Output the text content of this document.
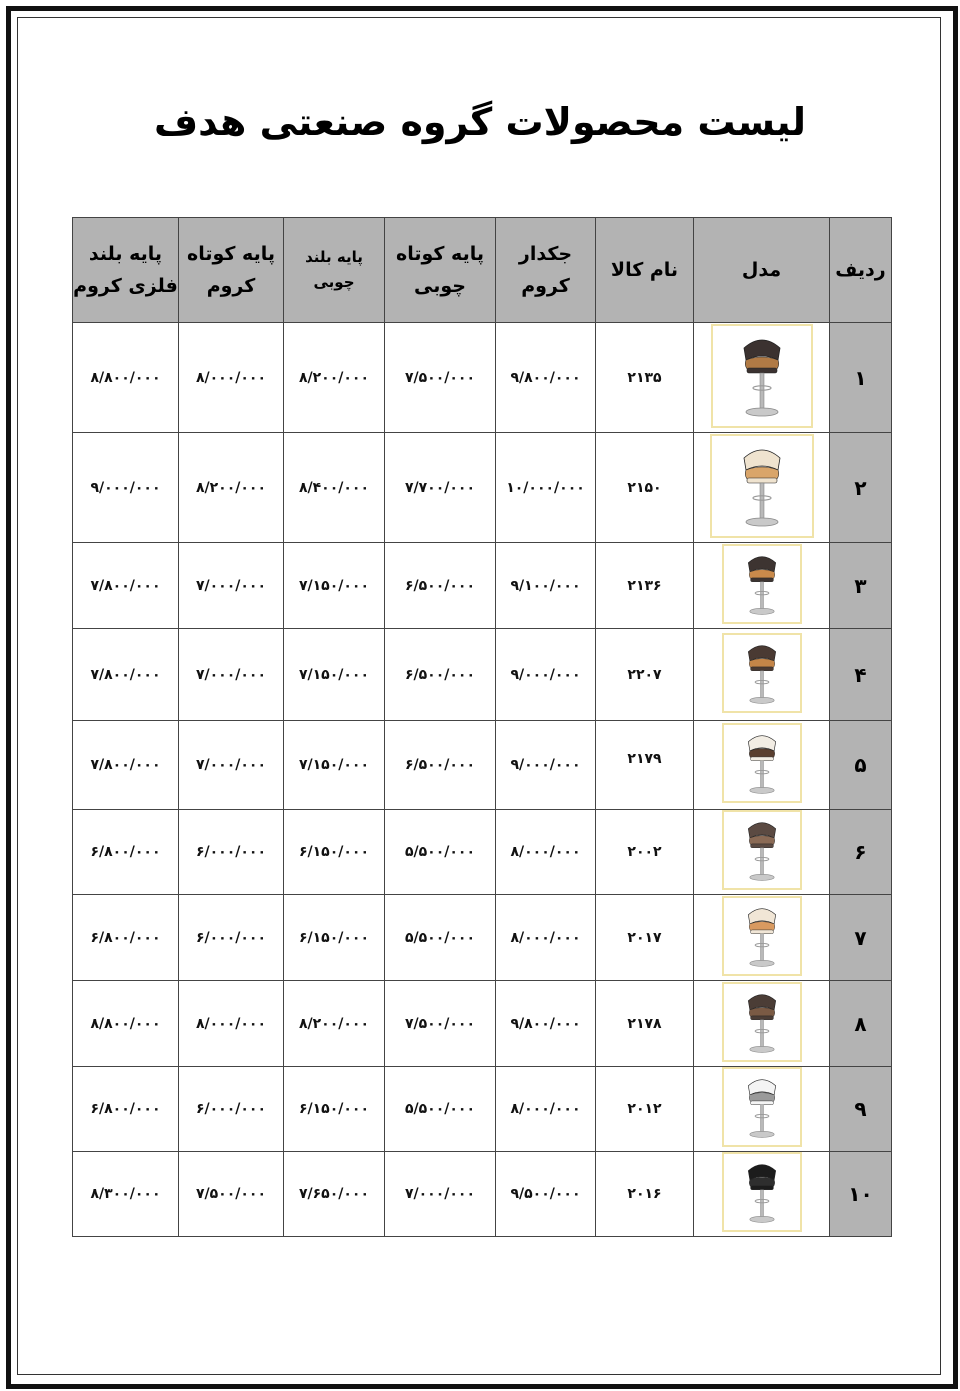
لیست محصولات گروه صنعتی هدف
ردیف	مدل	نام کالا	جکدار کروم	پایه کوتاه چوبی	پایه بلند چوبی	پایه کوتاه کروم	پایه بلند فلزی کروم
۱		۲۱۳۵	۹/۸۰۰/۰۰۰	۷/۵۰۰/۰۰۰	۸/۲۰۰/۰۰۰	۸/۰۰۰/۰۰۰	۸/۸۰۰/۰۰۰
۲		۲۱۵۰	۱۰/۰۰۰/۰۰۰	۷/۷۰۰/۰۰۰	۸/۴۰۰/۰۰۰	۸/۲۰۰/۰۰۰	۹/۰۰۰/۰۰۰
۳		۲۱۳۶	۹/۱۰۰/۰۰۰	۶/۵۰۰/۰۰۰	۷/۱۵۰/۰۰۰	۷/۰۰۰/۰۰۰	۷/۸۰۰/۰۰۰
۴		۲۲۰۷	۹/۰۰۰/۰۰۰	۶/۵۰۰/۰۰۰	۷/۱۵۰/۰۰۰	۷/۰۰۰/۰۰۰	۷/۸۰۰/۰۰۰
۵		۲۱۷۹	۹/۰۰۰/۰۰۰	۶/۵۰۰/۰۰۰	۷/۱۵۰/۰۰۰	۷/۰۰۰/۰۰۰	۷/۸۰۰/۰۰۰
۶		۲۰۰۲	۸/۰۰۰/۰۰۰	۵/۵۰۰/۰۰۰	۶/۱۵۰/۰۰۰	۶/۰۰۰/۰۰۰	۶/۸۰۰/۰۰۰
۷		۲۰۱۷	۸/۰۰۰/۰۰۰	۵/۵۰۰/۰۰۰	۶/۱۵۰/۰۰۰	۶/۰۰۰/۰۰۰	۶/۸۰۰/۰۰۰
۸		۲۱۷۸	۹/۸۰۰/۰۰۰	۷/۵۰۰/۰۰۰	۸/۲۰۰/۰۰۰	۸/۰۰۰/۰۰۰	۸/۸۰۰/۰۰۰
۹		۲۰۱۲	۸/۰۰۰/۰۰۰	۵/۵۰۰/۰۰۰	۶/۱۵۰/۰۰۰	۶/۰۰۰/۰۰۰	۶/۸۰۰/۰۰۰
۱۰		۲۰۱۶	۹/۵۰۰/۰۰۰	۷/۰۰۰/۰۰۰	۷/۶۵۰/۰۰۰	۷/۵۰۰/۰۰۰	۸/۳۰۰/۰۰۰
